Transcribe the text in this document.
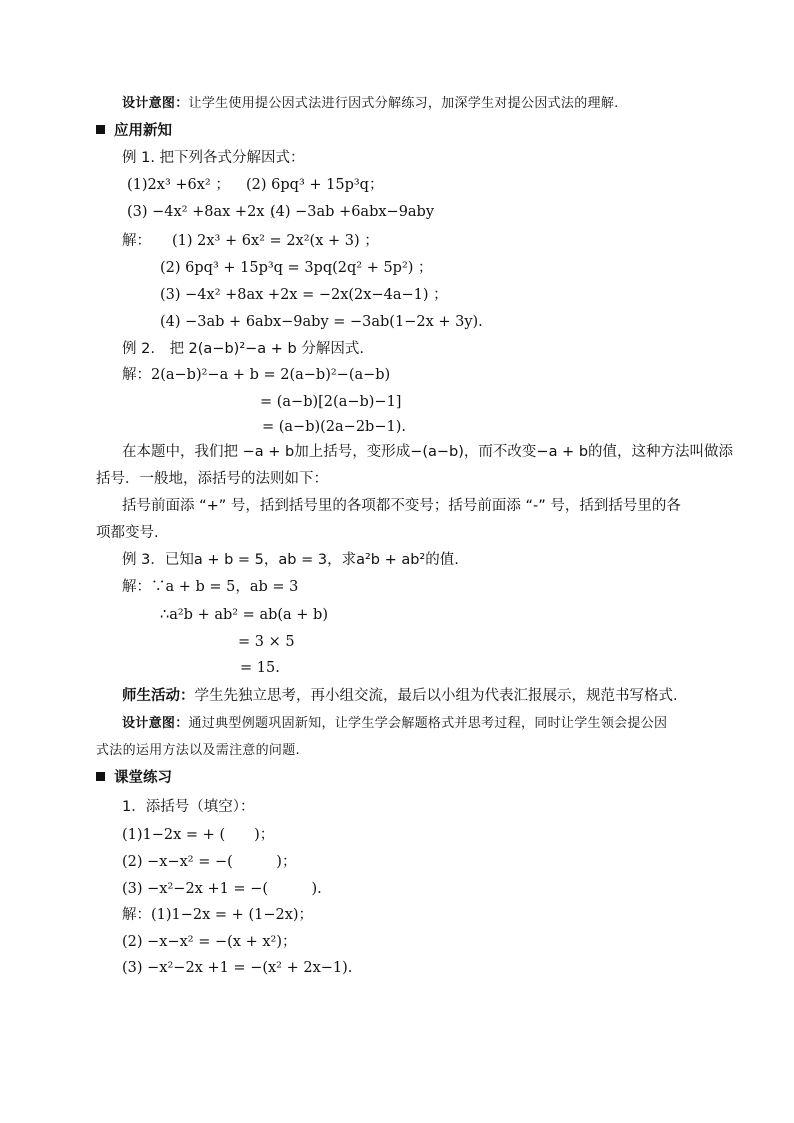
设计意图：让学生使用提公因式法进行因式分解练习，加深学生对提公因式法的理解.
应用新知
例 1. 把下列各式分解因式：
(1)2x³ +6x² ； (2) 6pq³ + 15p³q；
(3) −4x² +8ax +2x ；
(4) −3ab +6abx−9aby
解： (1) 2x³ + 6x² = 2x²(x + 3) ；
(2) 6pq³ + 15p³q = 3pq(2q² + 5p²) ；
(3) −4x² +8ax +2x = −2x(2x−4a−1) ；
(4) −3ab + 6abx−9aby = −3ab(1−2x + 3y).
例 2.　把 2(a−b)²−a + b 分解因式.
解：2(a−b)²−a + b = 2(a−b)²−(a−b)
= (a−b)[2(a−b)−1]
= (a−b)(2a−2b−1).
在本题中，我们把 −a + b加上括号，变形成−(a−b)，而不改变−a + b的值，这种方法叫做添
括号．一般地，添括号的法则如下：
括号前面添 “+” 号，括到括号里的各项都不变号；括号前面添 “-” 号，括到括号里的各
项都变号.
例 3．已知a + b = 5，ab = 3，求a²b + ab²的值.
解：∵a + b = 5，ab = 3
∴a²b + ab² = ab(a + b)
= 3 × 5
= 15.
师生活动：学生先独立思考，再小组交流，最后以小组为代表汇报展示，规范书写格式.
设计意图：通过典型例题巩固新知，让学生学会解题格式并思考过程，同时让学生领会提公因
式法的运用方法以及需注意的问题.
课堂练习
1．添括号（填空）：
(1)1−2x = + (　　)；
(2) −x−x² = −(　　　)；
(3) −x²−2x +1 = −(　　　).
解：(1)1−2x = + (1−2x)；
(2) −x−x² = −(x + x²)；
(3) −x²−2x +1 = −(x² + 2x−1).
